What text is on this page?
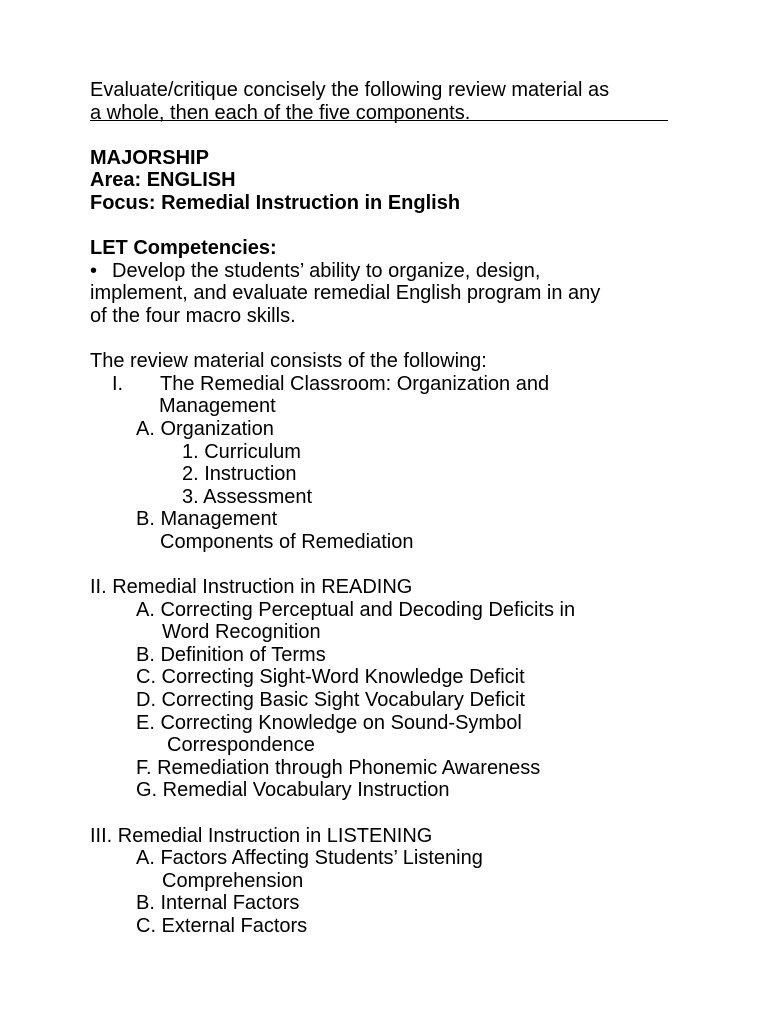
Evaluate/critique concisely the following review material as
a whole, then each of the five components.
MAJORSHIP
Area: ENGLISH
Focus: Remedial Instruction in English
LET Competencies:
• Develop the students’ ability to organize, design,
implement, and evaluate remedial English program in any
of the four macro skills.
The review material consists of the following:
I. The Remedial Classroom: Organization and
Management
A. Organization
1. Curriculum
2. Instruction
3. Assessment
B. Management
Components of Remediation
II. Remedial Instruction in READING
A. Correcting Perceptual and Decoding Deficits in
Word Recognition
B. Definition of Terms
C. Correcting Sight-Word Knowledge Deficit
D. Correcting Basic Sight Vocabulary Deficit
E. Correcting Knowledge on Sound-Symbol
Correspondence
F. Remediation through Phonemic Awareness
G. Remedial Vocabulary Instruction
III. Remedial Instruction in LISTENING
A. Factors Affecting Students’ Listening
Comprehension
B. Internal Factors
C. External Factors
